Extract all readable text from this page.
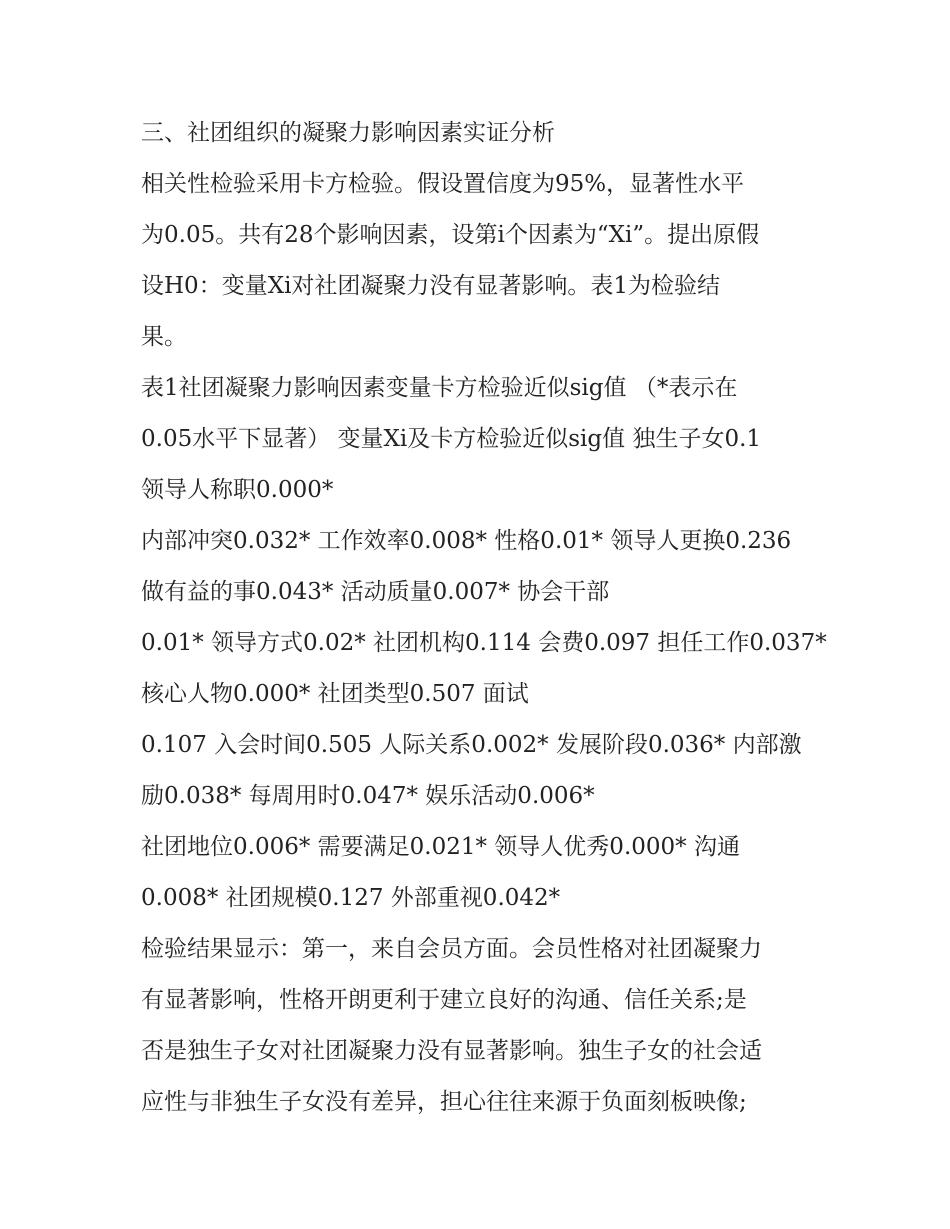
三、社团组织的凝聚力影响因素实证分析
相关性检验采用卡方检验。假设置信度为95%，显著性水平
为0.05。共有28个影响因素，设第i个因素为“Xi”。提出原假
设H0：变量Xi对社团凝聚力没有显著影响。表1为检验结
果。
表1社团凝聚力影响因素变量卡方检验近似sig值 （*表示在
0.05水平下显著） 变量Xi及卡方检验近似sig值 独生子女0.1
领导人称职0.000*
内部冲突0.032* 工作效率0.008* 性格0.01* 领导人更换0.236
做有益的事0.043* 活动质量0.007* 协会干部
0.01* 领导方式0.02* 社团机构0.114 会费0.097 担任工作0.037*
核心人物0.000* 社团类型0.507 面试
0.107 入会时间0.505 人际关系0.002* 发展阶段0.036* 内部激
励0.038* 每周用时0.047* 娱乐活动0.006*
社团地位0.006* 需要满足0.021* 领导人优秀0.000* 沟通
0.008* 社团规模0.127 外部重视0.042*
检验结果显示：第一，来自会员方面。会员性格对社团凝聚力
有显著影响，性格开朗更利于建立良好的沟通、信任关系;是
否是独生子女对社团凝聚力没有显著影响。独生子女的社会适
应性与非独生子女没有差异，担心往往来源于负面刻板映像;
